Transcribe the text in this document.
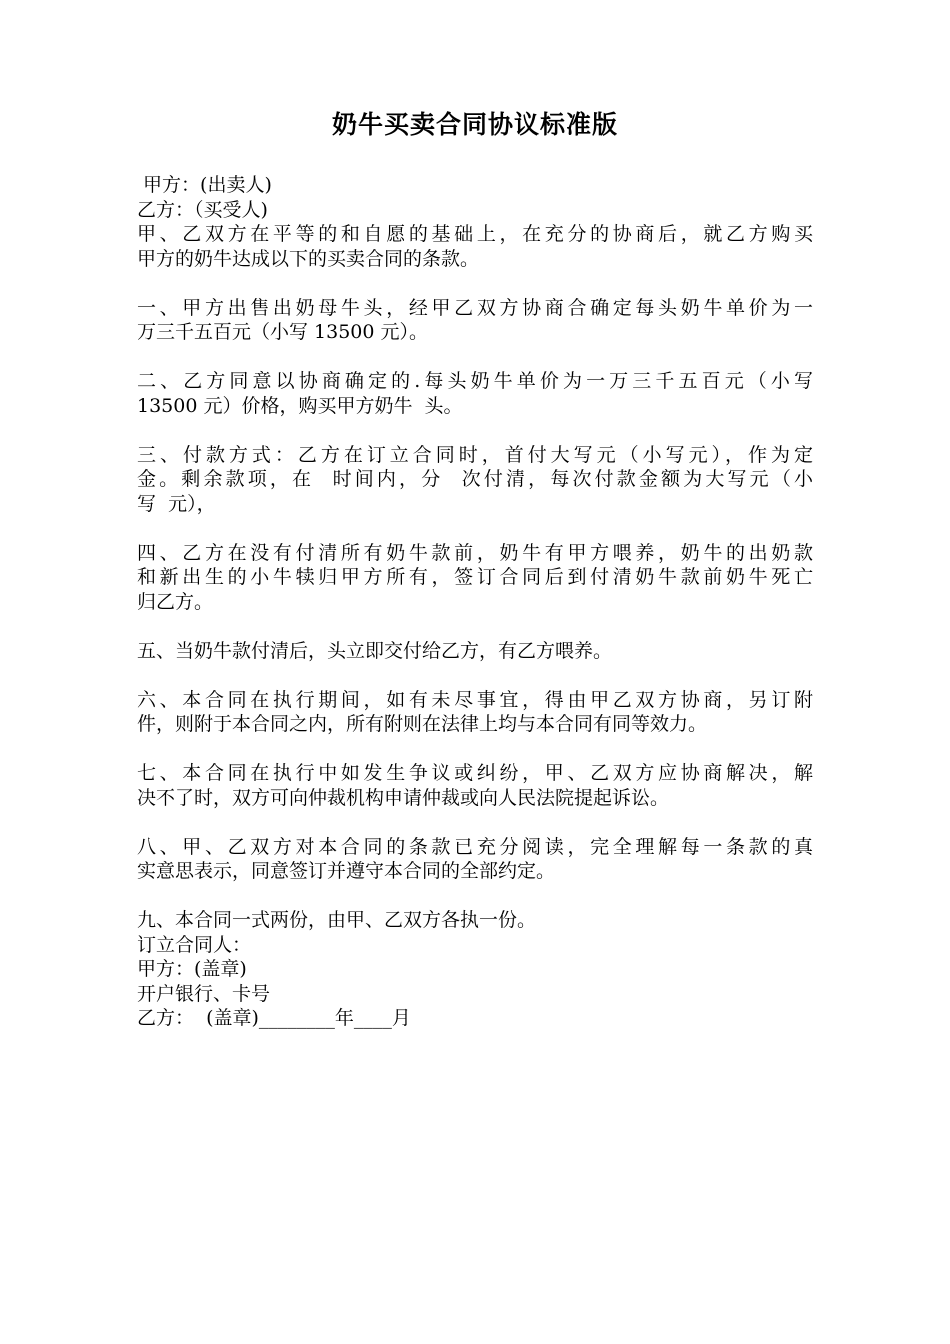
奶牛买卖合同协议标准版
甲方：(出卖人)
乙方：（买受人)
甲、乙双方在平等的和自愿的基础上，在充分的协商后，就乙方购买
甲方的奶牛达成以下的买卖合同的条款。
一、甲方出售出奶母牛头，经甲乙双方协商合确定每头奶牛单价为一
万三千五百元（小写 13500 元）。
二、乙方同意以协商确定的.每头奶牛单价为一万三千五百元（小写
13500 元）价格，购买甲方奶牛  头。
三、付款方式：乙方在订立合同时，首付大写元（小写元），作为定
金。剩余款项，在  时间内，分  次付清，每次付款金额为大写元（小
写  元），
四、乙方在没有付清所有奶牛款前，奶牛有甲方喂养，奶牛的出奶款
和新出生的小牛犊归甲方所有，签订合同后到付清奶牛款前奶牛死亡
归乙方。
五、当奶牛款付清后，头立即交付给乙方，有乙方喂养。
六、本合同在执行期间，如有未尽事宜，得由甲乙双方协商，另订附
件，则附于本合同之内，所有附则在法律上均与本合同有同等效力。
七、本合同在执行中如发生争议或纠纷，甲、乙双方应协商解决，解
决不了时，双方可向仲裁机构申请仲裁或向人民法院提起诉讼。
八、甲、乙双方对本合同的条款已充分阅读，完全理解每一条款的真
实意思表示，同意签订并遵守本合同的全部约定。
九、本合同一式两份，由甲、乙双方各执一份。
订立合同人：
甲方：(盖章)
开户银行、卡号
乙方：  (盖章)________年____月
